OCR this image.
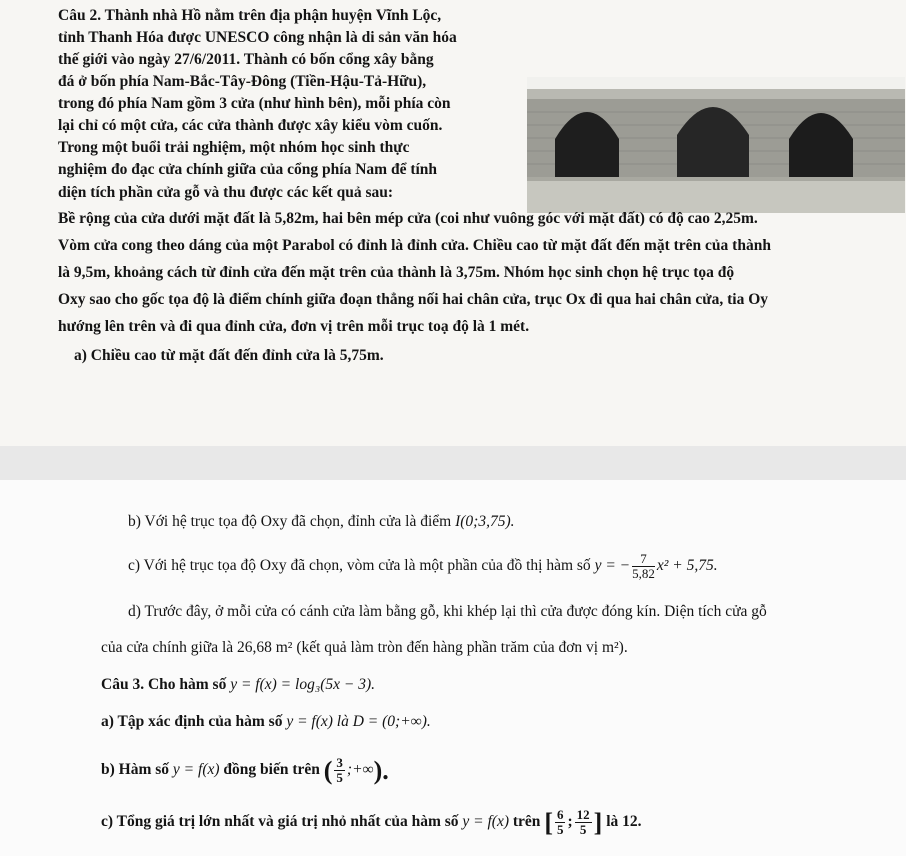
Câu 2. Thành nhà Hồ nằm trên địa phận huyện Vĩnh Lộc,
tỉnh Thanh Hóa được UNESCO công nhận là di sản văn hóa
thế giới vào ngày 27/6/2011. Thành có bốn cổng xây bằng
đá ở bốn phía Nam-Bắc-Tây-Đông (Tiền-Hậu-Tả-Hữu),
trong đó phía Nam gồm 3 cửa (như hình bên), mỗi phía còn
lại chỉ có một cửa, các cửa thành được xây kiểu vòm cuốn.
Trong một buổi trải nghiệm, một nhóm học sinh thực
nghiệm đo đạc cửa chính giữa của cổng phía Nam để tính
diện tích phần cửa gỗ và thu được các kết quả sau:
Bề rộng của cửa dưới mặt đất là 5,82m, hai bên mép cửa (coi như vuông góc với mặt đất) có độ cao 2,25m.
Vòm cửa cong theo dáng của một Parabol có đỉnh là đỉnh cửa. Chiều cao từ mặt đất đến mặt trên của thành
là 9,5m, khoảng cách từ đỉnh cửa đến mặt trên của thành là 3,75m. Nhóm học sinh chọn hệ trục tọa độ
Oxy sao cho gốc tọa độ là điểm chính giữa đoạn thẳng nối hai chân cửa, trục Ox đi qua hai chân cửa, tia Oy
hướng lên trên và đi qua đỉnh cửa, đơn vị trên mỗi trục toạ độ là 1 mét.
a) Chiều cao từ mặt đất đến đỉnh cửa là 5,75m.
b) Với hệ trục tọa độ Oxy đã chọn, đỉnh cửa là điểm I(0;3,75).
c) Với hệ trục tọa độ Oxy đã chọn, vòm cửa là một phần của đồ thị hàm số y = − $\frac{7}{5,82} x^2 + 5,75$.
d) Trước đây, ở mỗi cửa có cánh cửa làm bằng gỗ, khi khép lại thì cửa được đóng kín. Diện tích cửa gỗ
của cửa chính giữa là 26,68 m² (kết quả làm tròn đến hàng phần trăm của đơn vị m²).
Câu 3. Cho hàm số y = f(x) = log₃(5x − 3).
a) Tập xác định của hàm số y = f(x) là D = (0;+∞).
b) Hàm số y = f(x) đồng biến trên ( $\frac{3}{5}$ ;+∞).
c) Tổng giá trị lớn nhất và giá trị nhỏ nhất của hàm số y = f(x) trên [ $\frac{6}{5}$ ; $\frac{12}{5}$ ] là 12.
